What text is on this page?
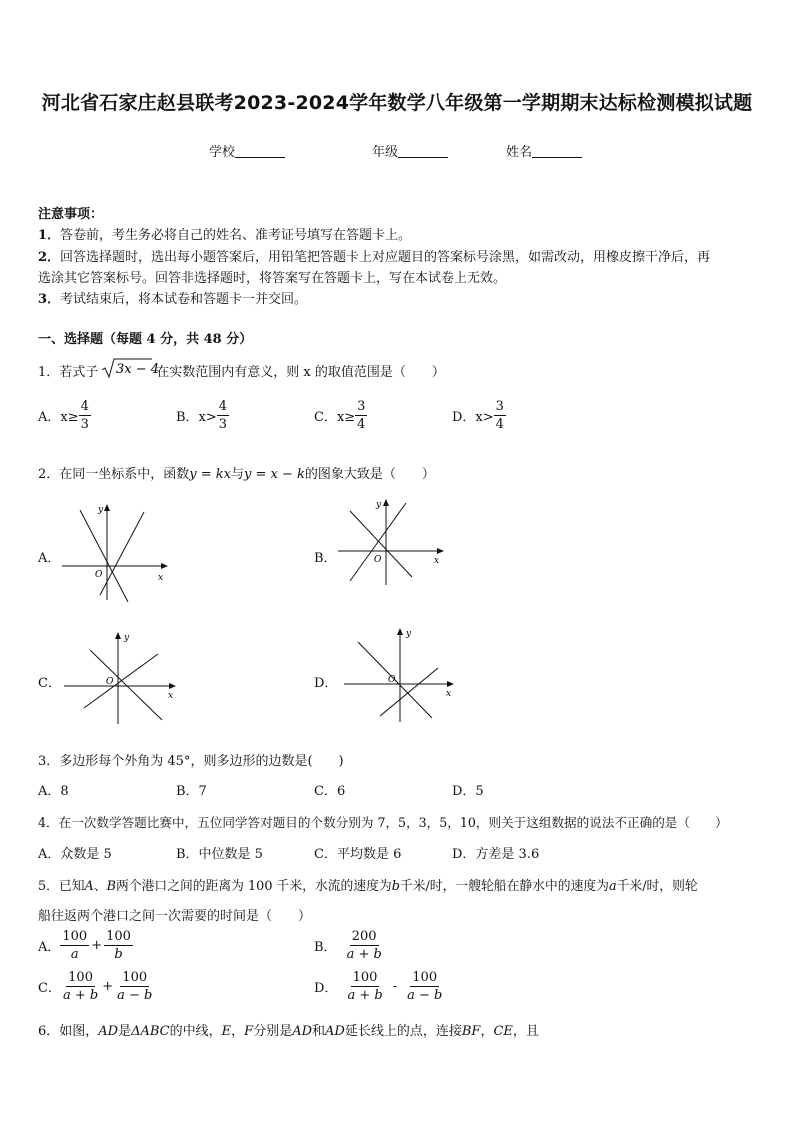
河北省石家庄赵县联考2023-2024学年数学八年级第一学期期末达标检测模拟试题
学校	年级	姓名
注意事项：
1．答卷前，考生务必将自己的姓名、准考证号填写在答题卡上。
2．回答选择题时，选出每小题答案后，用铅笔把答题卡上对应题目的答案标号涂黑，如需改动，用橡皮擦干净后，再
选涂其它答案标号。回答非选择题时，将答案写在答题卡上，写在本试卷上无效。
3．考试结束后，将本试卷和答题卡一并交回。
一、选择题（每题 4 分，共 48 分）
1．若式子 3x − 4
在实数范围内有意义，则 x 的取值范围是（　　）
A．$x\ge \frac{4}{3}$	B．$x> \frac{4}{3}$	C．$x\ge \frac{3}{4}$	D．$x> \frac{3}{4}$
2．在同一坐标系中，函数y = kx与y = x − k的图象大致是（　　）
A．
y
x
O
B．
y
x
O
C．
y
x
O	D．
y
x
O
3．多边形每个外角为 45°，则多边形的边数是(　　)
A．8	B．7	C．6	D．5
4．在一次数学答题比赛中，五位同学答对题目的个数分别为 7，5，3，5，10，则关于这组数据的说法不正确的是（　　）
A．众数是 5	B．中位数是 5	C．平均数是 6	D．方差是 3.6
5．已知A、B两个港口之间的距离为 100 千米，水流的速度为b千米/时，一艘轮船在静水中的速度为a千米/时，则轮
船往返两个港口之间一次需要的时间是（　　）
A． $\frac{100}{a} + \frac{100}{b}$	B． $\frac{200}{a + b}$
C． $\frac{100}{a + b} + \frac{100}{a - b}$	D． $\frac{100}{a + b} - \frac{100}{a - b}$
6．如图，AD是ΔABC的中线，E，F分别是AD和AD延长线上的点，连接BF，CE，且
